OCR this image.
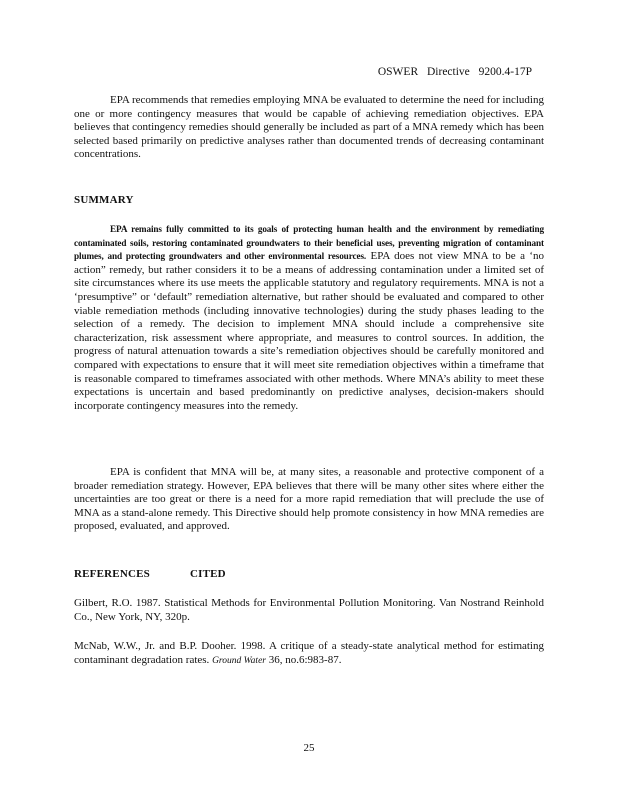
OSWER Directive 9200.4-17P

EPA recommends that remedies employing MNA be evaluated to determine the need for including one or more contingency measures that would be capable of achieving remediation objectives. EPA believes that contingency remedies should generally be included as part of a MNA remedy which has been selected based primarily on predictive analyses rather than documented trends of decreasing contaminant concentrations.

SUMMARY

EPA remains fully committed to its goals of protecting human health and the environment by remediating contaminated soils, restoring contaminated groundwaters to their beneficial uses, preventing migration of contaminant plumes, and protecting groundwaters and other environmental resources. EPA does not view MNA to be a ‘no action” remedy, but rather considers it to be a means of addressing contamination under a limited set of site circumstances where its use meets the applicable statutory and regulatory requirements. MNA is not a ‘presumptive” or ‘default” remediation alternative, but rather should be evaluated and compared to other viable remediation methods (including innovative technologies) during the study phases leading to the selection of a remedy. The decision to implement MNA should include a comprehensive site characterization, risk assessment where appropriate, and measures to control sources. In addition, the progress of natural attenuation towards a site’s remediation objectives should be carefully monitored and compared with expectations to ensure that it will meet site remediation objectives within a timeframe that is reasonable compared to timeframes associated with other methods. Where MNA’s ability to meet these expectations is uncertain and based predominantly on predictive analyses, decision-makers should incorporate contingency measures into the remedy.

EPA is confident that MNA will be, at many sites, a reasonable and protective component of a broader remediation strategy. However, EPA believes that there will be many other sites where either the uncertainties are too great or there is a need for a more rapid remediation that will preclude the use of MNA as a stand-alone remedy. This Directive should help promote consistency in how MNA remedies are proposed, evaluated, and approved.

REFERENCES	CITED

Gilbert, R.O. 1987. Statistical Methods for Environmental Pollution Monitoring. Van Nostrand Reinhold Co., New York, NY, 320p.

McNab, W.W., Jr. and B.P. Dooher. 1998. A critique of a steady-state analytical method for estimating contaminant degradation rates. Ground Water 36, no.6:983-87.

25
